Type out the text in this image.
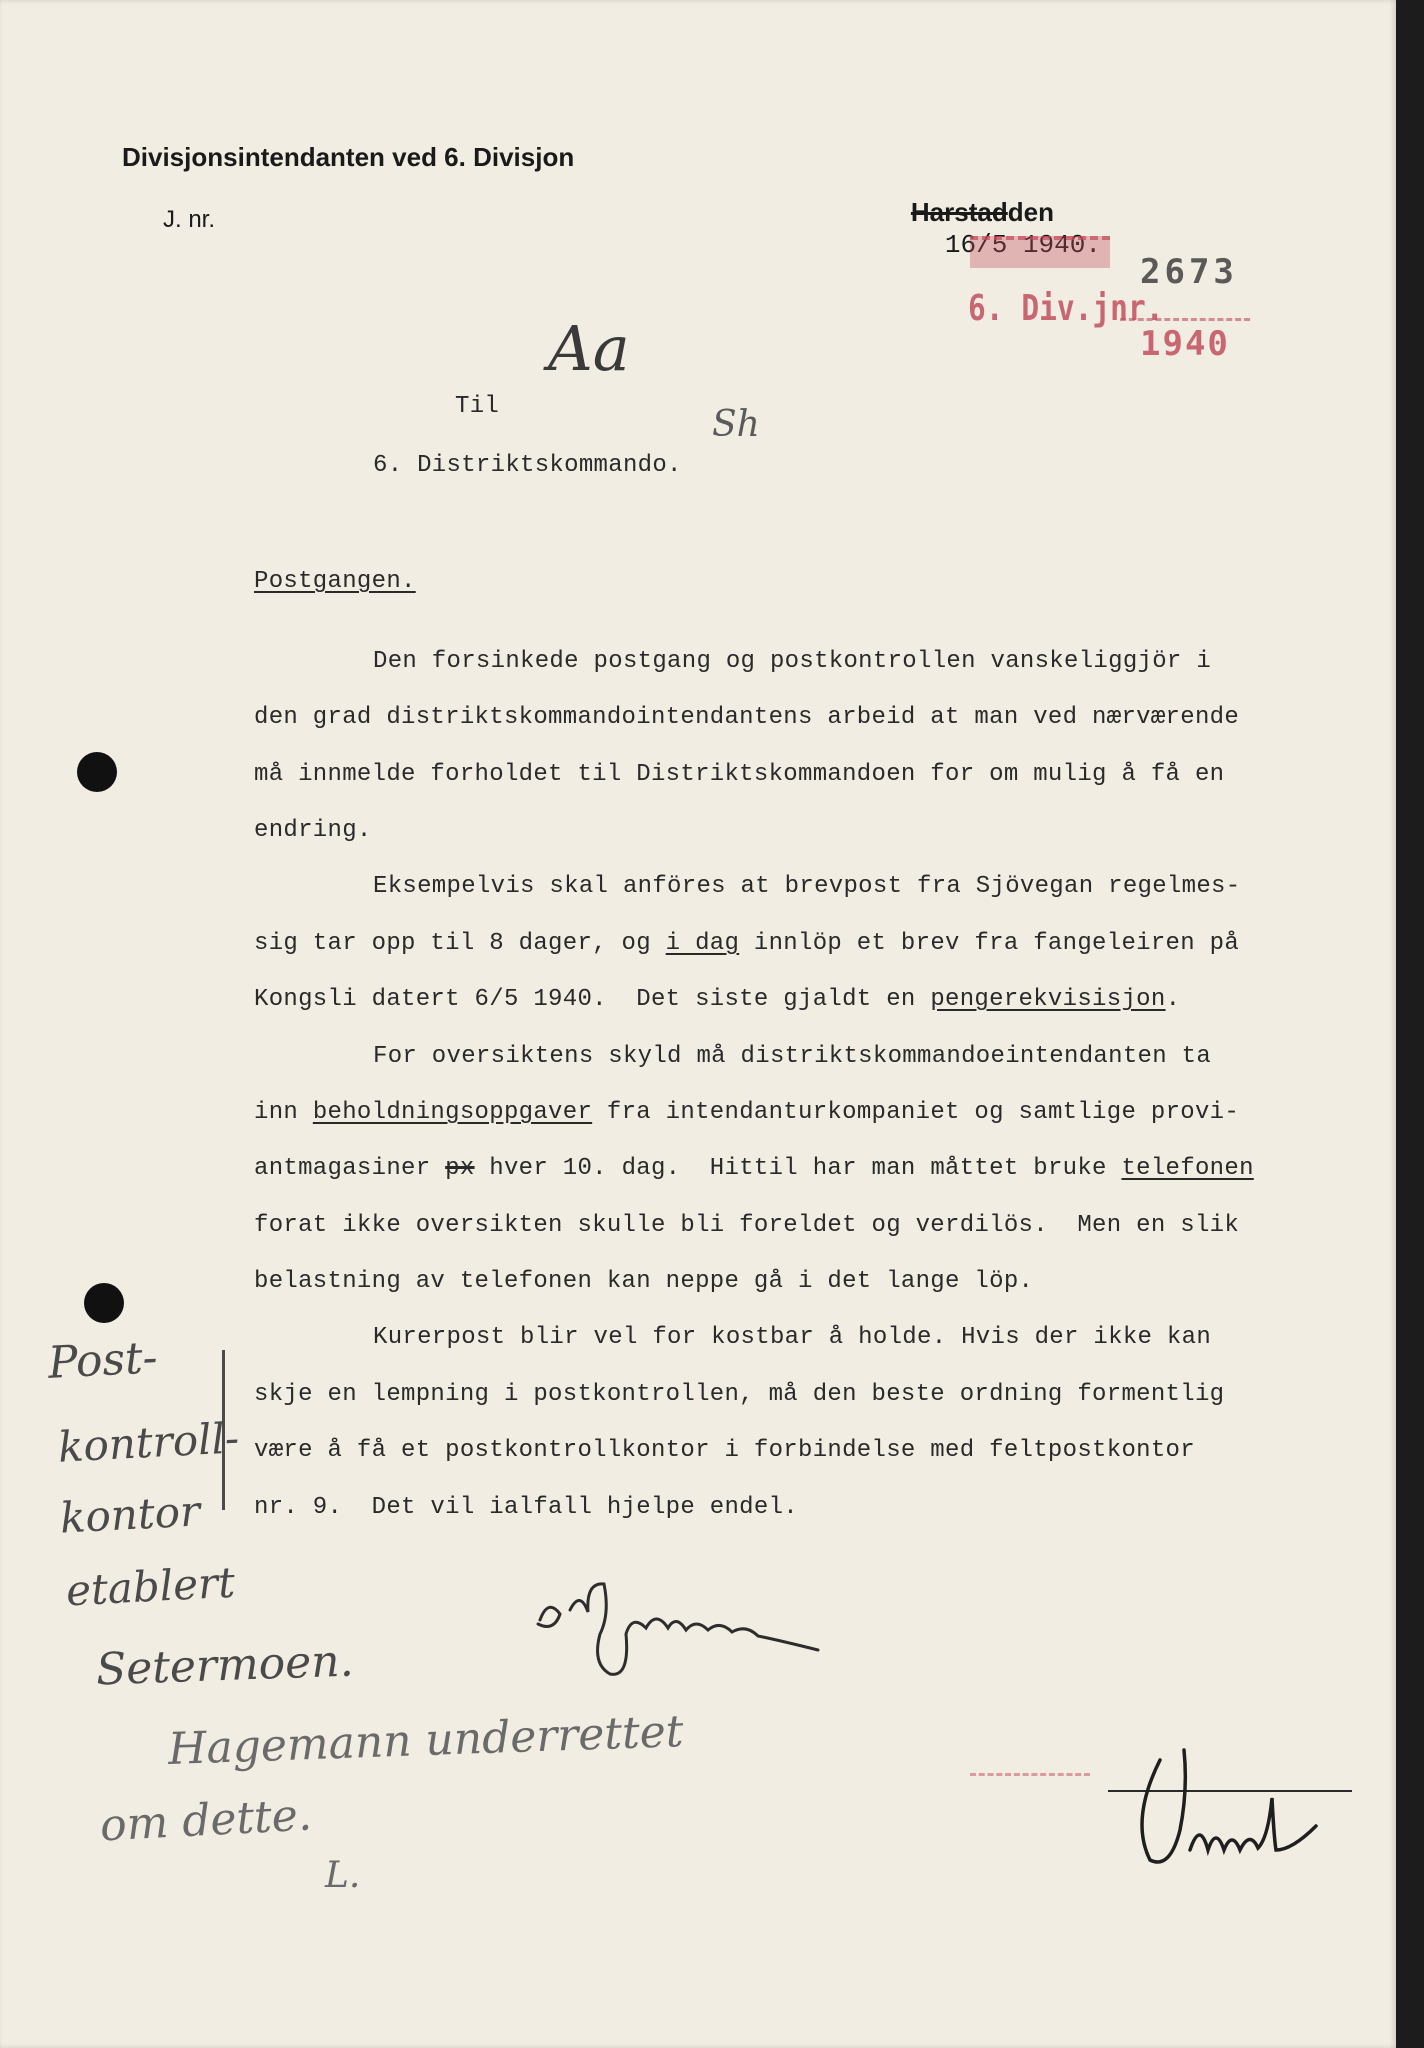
Divisjonsintendanten ved 6. Divisjon
J. nr.	Harstadden
16/5 1940.

6. Div.jnr.
2673
1940
Aa
Sh
Til
6. Distriktskommando.
Postgangen.
Den forsinkede postgang og postkontrollen vanskeliggjör i
den grad distriktskommandointendantens arbeid at man ved nærværende
må innmelde forholdet til Distriktskommandoen for om mulig å få en
endring.
Eksempelvis skal anföres at brevpost fra Sjövegan regelmes-
sig tar opp til 8 dager, og i dag innlöp et brev fra fangeleiren på
Kongsli datert 6/5 1940.  Det siste gjaldt en pengerekvisisjon.
For oversiktens skyld må distriktskommandoeintendanten ta
inn beholdningsoppgaver fra intendanturkompaniet og samtlige provi-
antmagasiner px hver 10. dag.  Hittil har man måttet bruke telefonen
forat ikke oversikten skulle bli foreldet og verdilös.  Men en slik
belastning av telefonen kan neppe gå i det lange löp.
Kurerpost blir vel for kostbar å holde. Hvis der ikke kan
skje en lempning i postkontrollen, må den beste ordning formentlig
være å få et postkontrollkontor i forbindelse med feltpostkontor
nr. 9.  Det vil ialfall hjelpe endel.
Post-
kontroll-
kontor
etablert
Setermoen.
Hagemann underrettet
om dette.
L.
